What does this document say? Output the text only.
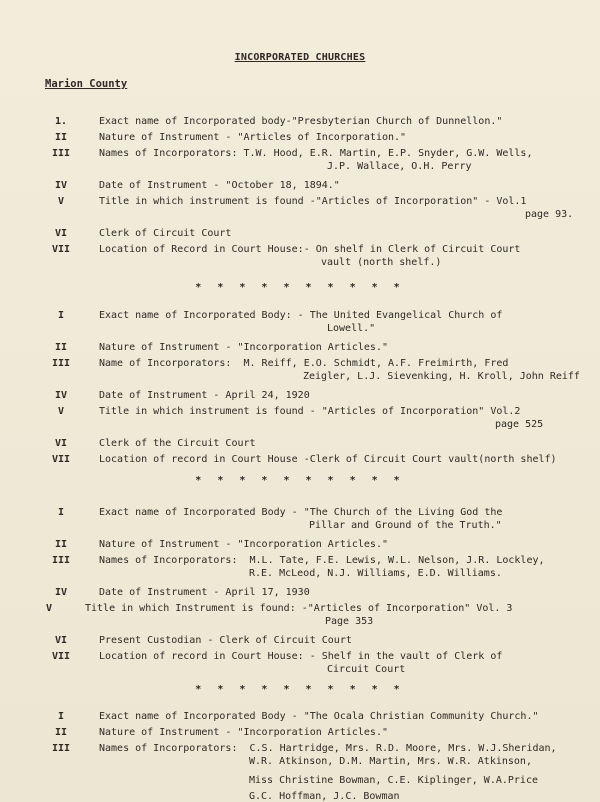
INCORPORATED CHURCHES
Marion County
1.	Exact name of Incorporated body-"Presbyterian Church of Dunnellon."
II	Nature of Instrument - "Articles of Incorporation."
III	Names of Incorporators: T.W. Hood, E.R. Martin, E.P. Snyder, G.W. Wells,
J.P. Wallace, O.H. Perry
IV	Date of Instrument - "October 18, 1894."
V	Title in which instrument is found -"Articles of Incorporation" - Vol.1
page 93.
VI	Clerk of Circuit Court
VII	Location of Record in Court House:- On shelf in Clerk of Circuit Court
vault (north shelf.)
* * * * * * * * * *
I	Exact name of Incorporated Body: - The United Evangelical Church of
Lowell."
II	Nature of Instrument - "Incorporation Articles."
III	Name of Incorporators:  M. Reiff, E.O. Schmidt, A.F. Freimirth, Fred
Zeigler, L.J. Sievenking, H. Kroll, John Reiff
IV	Date of Instrument - April 24, 1920
V	Title in which instrument is found - "Articles of Incorporation" Vol.2
page 525
VI	Clerk of the Circuit Court
VII	Location of record in Court House -Clerk of Circuit Court vault(north shelf)
* * * * * * * * * *
I	Exact name of Incorporated Body - "The Church of the Living God the
Pillar and Ground of the Truth."
II	Nature of Instrument - "Incorporation Articles."
III	Names of Incorporators:  M.L. Tate, F.E. Lewis, W.L. Nelson, J.R. Lockley,
R.E. McLeod, N.J. Williams, E.D. Williams.
IV	Date of Instrument - April 17, 1930
V	Title in which Instrument is found: -"Articles of Incorporation" Vol. 3
Page 353
VI	Present Custodian - Clerk of Circuit Court
VII	Location of record in Court House: - Shelf in the vault of Clerk of
Circuit Court
* * * * * * * * * *
I	Exact name of Incorporated Body - "The Ocala Christian Community Church."
II	Nature of Instrument - "Incorporation Articles."
III	Names of Incorporators:  C.S. Hartridge, Mrs. R.D. Moore, Mrs. W.J.Sheridan,
W.R. Atkinson, D.M. Martin, Mrs. W.R. Atkinson,
Miss Christine Bowman, C.E. Kiplinger, W.A.Price
G.C. Hoffman, J.C. Bowman
